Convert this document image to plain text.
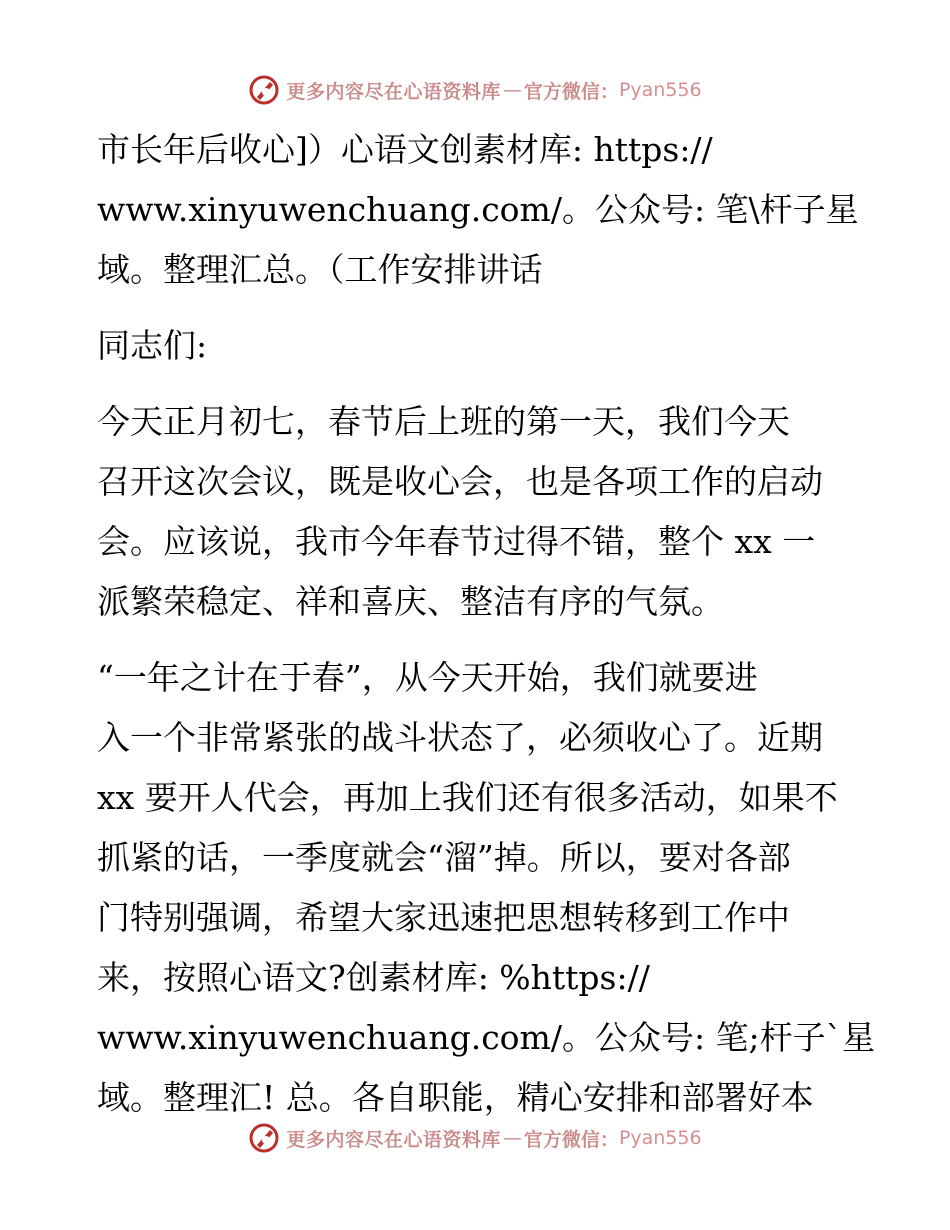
更多内容尽在心语资料库 — 官方微信： Pyan556
市长年后收心]）心语文创素材库: https://
www.xinyuwenchuang.com/。公众号: 笔\杆子星
域。整理汇总。（工作安排讲话
同志们:
今天正月初七，春节后上班的第一天，我们今天
召开这次会议，既是收心会，也是各项工作的启动
会。应该说，我市今年春节过得不错，整个 xx 一
派繁荣稳定、祥和喜庆、整洁有序的气氛。
“一年之计在于春”，从今天开始，我们就要进
入一个非常紧张的战斗状态了，必须收心了。近期
xx 要开人代会，再加上我们还有很多活动，如果不
抓紧的话，一季度就会“溜”掉。所以，要对各部
门特别强调，希望大家迅速把思想转移到工作中
来，按照心语文?创素材库: %https://
www.xinyuwenchuang.com/。公众号: 笔;杆子`星
域。整理汇! 总。各自职能，精心安排和部署好本
更多内容尽在心语资料库 — 官方微信： Pyan556
